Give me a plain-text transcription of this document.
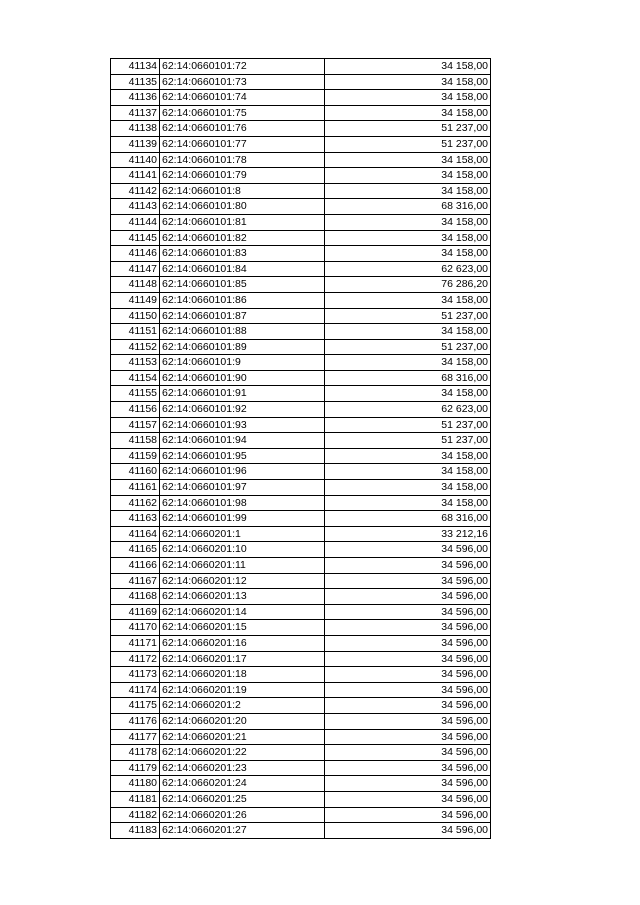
41134	62:14:0660101:72	34 158,00
41135	62:14:0660101:73	34 158,00
41136	62:14:0660101:74	34 158,00
41137	62:14:0660101:75	34 158,00
41138	62:14:0660101:76	51 237,00
41139	62:14:0660101:77	51 237,00
41140	62:14:0660101:78	34 158,00
41141	62:14:0660101:79	34 158,00
41142	62:14:0660101:8	34 158,00
41143	62:14:0660101:80	68 316,00
41144	62:14:0660101:81	34 158,00
41145	62:14:0660101:82	34 158,00
41146	62:14:0660101:83	34 158,00
41147	62:14:0660101:84	62 623,00
41148	62:14:0660101:85	76 286,20
41149	62:14:0660101:86	34 158,00
41150	62:14:0660101:87	51 237,00
41151	62:14:0660101:88	34 158,00
41152	62:14:0660101:89	51 237,00
41153	62:14:0660101:9	34 158,00
41154	62:14:0660101:90	68 316,00
41155	62:14:0660101:91	34 158,00
41156	62:14:0660101:92	62 623,00
41157	62:14:0660101:93	51 237,00
41158	62:14:0660101:94	51 237,00
41159	62:14:0660101:95	34 158,00
41160	62:14:0660101:96	34 158,00
41161	62:14:0660101:97	34 158,00
41162	62:14:0660101:98	34 158,00
41163	62:14:0660101:99	68 316,00
41164	62:14:0660201:1	33 212,16
41165	62:14:0660201:10	34 596,00
41166	62:14:0660201:11	34 596,00
41167	62:14:0660201:12	34 596,00
41168	62:14:0660201:13	34 596,00
41169	62:14:0660201:14	34 596,00
41170	62:14:0660201:15	34 596,00
41171	62:14:0660201:16	34 596,00
41172	62:14:0660201:17	34 596,00
41173	62:14:0660201:18	34 596,00
41174	62:14:0660201:19	34 596,00
41175	62:14:0660201:2	34 596,00
41176	62:14:0660201:20	34 596,00
41177	62:14:0660201:21	34 596,00
41178	62:14:0660201:22	34 596,00
41179	62:14:0660201:23	34 596,00
41180	62:14:0660201:24	34 596,00
41181	62:14:0660201:25	34 596,00
41182	62:14:0660201:26	34 596,00
41183	62:14:0660201:27	34 596,00
